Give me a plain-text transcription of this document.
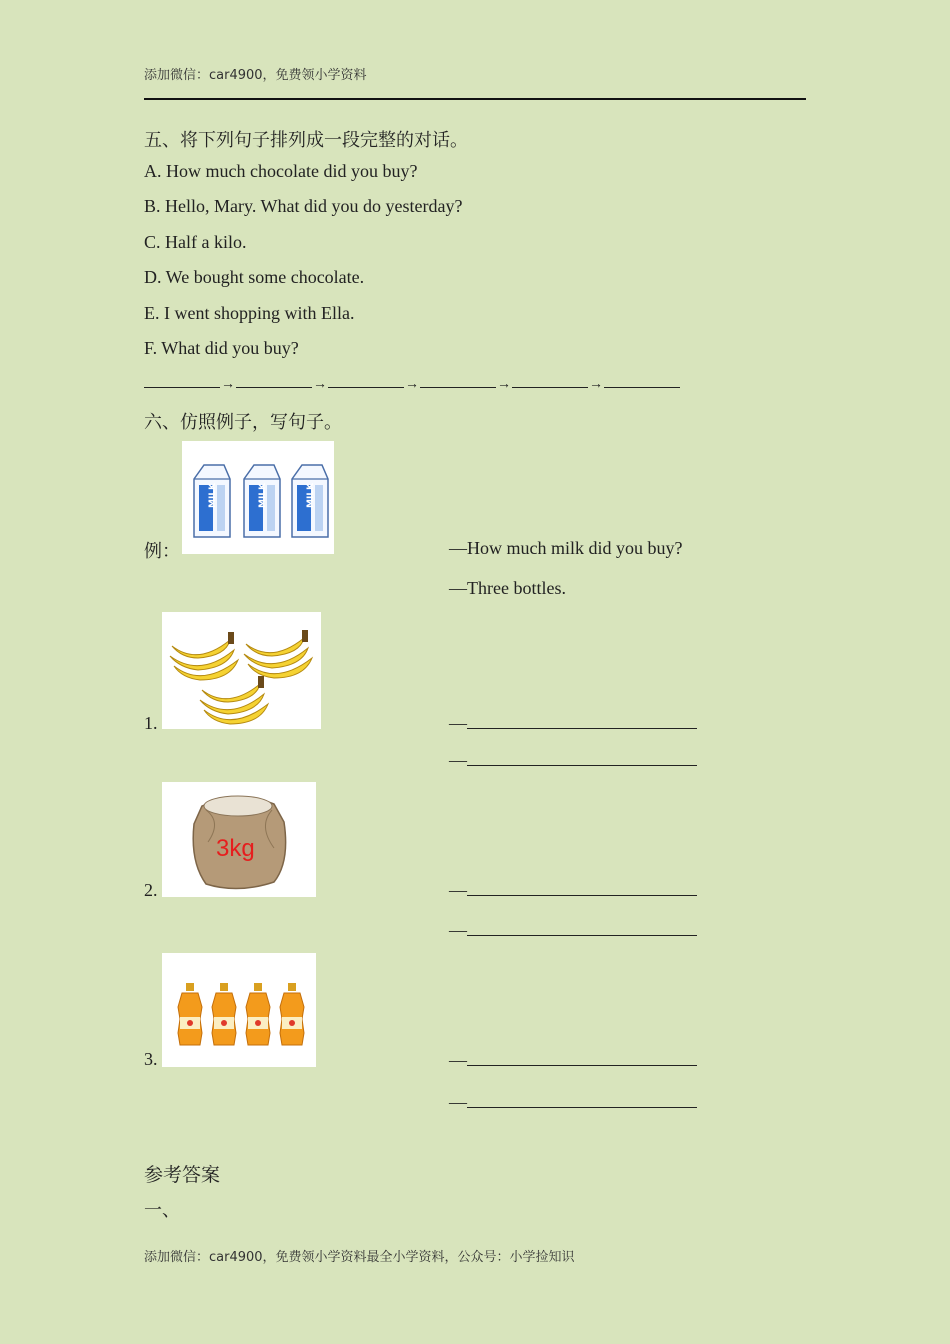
添加微信：car4900，免费领小学资料
五、将下列句子排列成一段完整的对话。
A. How much chocolate did you buy?
B. Hello, Mary. What did you do yesterday?
C. Half a kilo.
D. We bought some chocolate.
E. I went shopping with Ella.
F. What did you buy?
→	→	→	→	→
六、仿照例子，写句子。
例：
MILK	MILK	MILK
—How much milk did you buy?
—Three bottles.
1.	—
—
2.
3kg
—
—
3.	—
—
参考答案
一、
添加微信：car4900，免费领小学资料最全小学资料，公众号：小学捡知识
